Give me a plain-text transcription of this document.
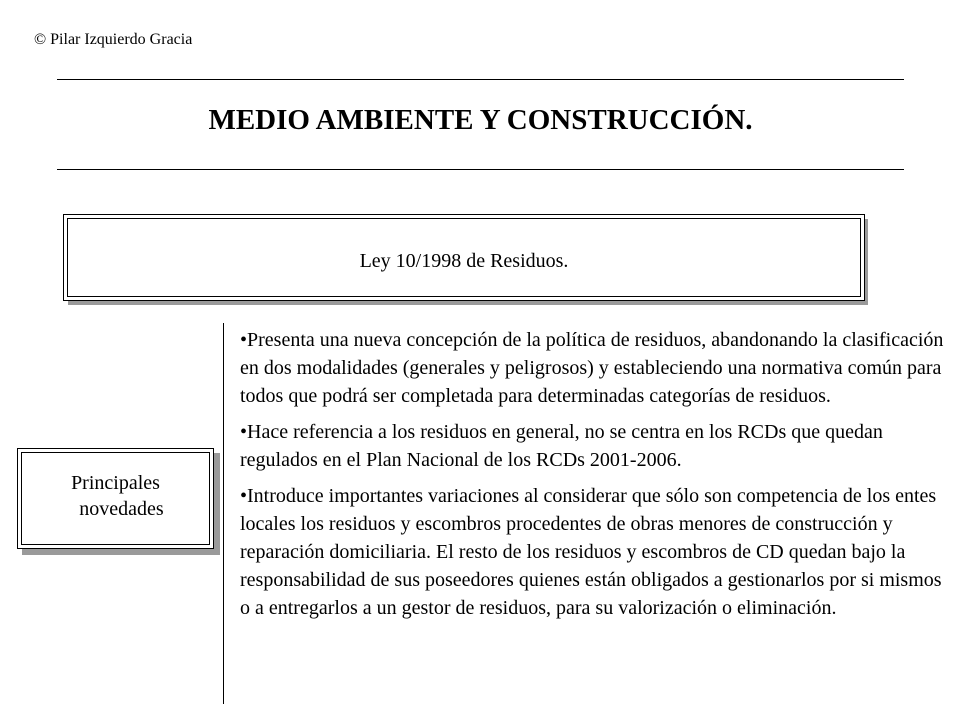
© Pilar Izquierdo Gracia
MEDIO AMBIENTE Y CONSTRUCCIÓN.
Ley 10/1998 de Residuos.
Principales
novedades

•Presenta una nueva concepción de la política de residuos, abandonando la clasificación en dos modalidades (generales y peligrosos) y estableciendo una normativa común para todos que podrá ser completada para determinadas categorías de residuos.

•Hace referencia a los residuos en general, no se centra en los RCDs que quedan regulados en el Plan Nacional de los RCDs 2001-2006.

•Introduce importantes variaciones al considerar que sólo son competencia de los entes locales los residuos y escombros procedentes de obras menores de construcción y reparación domiciliaria. El resto de los residuos y escombros de CD quedan bajo la responsabilidad de sus poseedores quienes están obligados a gestionarlos por si mismos o a entregarlos a un gestor de residuos, para su valorización o eliminación.
